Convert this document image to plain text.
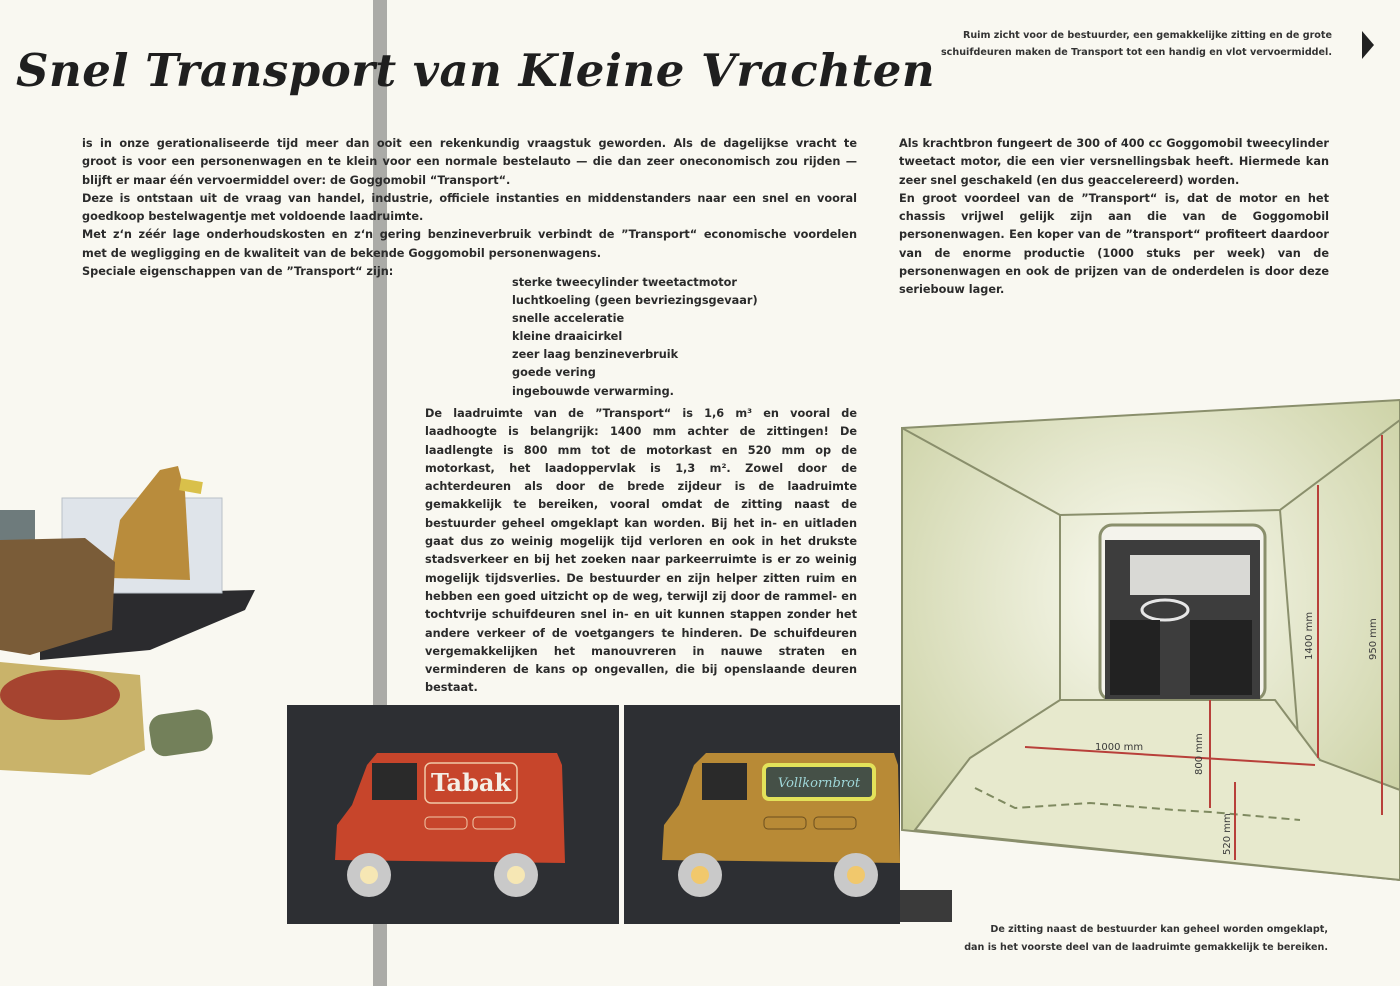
Snel Transport van Kleine Vrachten
Ruim zicht voor de bestuurder, een gemakkelijke zitting en de grote
schuifdeuren maken de Transport tot een handig en vlot vervoermiddel.
is in onze gerationaliseerde tijd meer dan ooit een rekenkundig vraagstuk geworden. Als de dagelijkse vracht te
groot is voor een personenwagen en te klein voor een normale bestelauto — die dan zeer oneconomisch zou rijden —
blijft er maar één vervoermiddel over: de Goggomobil “Transport“.
Deze is ontstaan uit de vraag van handel, industrie, officiele instanties en middenstanders naar een snel en vooral
goedkoop bestelwagentje met voldoende laadruimte.
Met z‘n zéér lage onderhoudskosten en z‘n gering benzineverbruik verbindt de ”Transport“ economische voordelen
met de wegligging en de kwaliteit van de bekende Goggomobil personenwagens.
Speciale eigenschappen van de ”Transport“ zijn:
sterke tweecylinder tweetactmotor
luchtkoeling (geen bevriezingsgevaar)
snelle acceleratie
kleine draaicirkel
zeer laag benzineverbruik
goede vering
ingebouwde verwarming.
De laadruimte van de ”Transport“ is 1,6 m³ en vooral de laadhoogte is belangrijk: 1400 mm achter de zittingen! De laadlengte is 800 mm tot de motorkast en 520 mm op de motorkast, het laadoppervlak is 1,3 m². Zowel door de achterdeuren als door de brede zijdeur is de laadruimte gemakkelijk te bereiken, vooral omdat de zitting naast de bestuurder geheel omgeklapt kan worden. Bij het in- en uitladen gaat dus zo weinig mogelijk tijd verloren en ook in het drukste stadsverkeer en bij het zoeken naar parkeerruimte is er zo weinig mogelijk tijdsverlies. De bestuurder en zijn helper zitten ruim en hebben een goed uitzicht op de weg, terwijl zij door de rammel- en tochtvrije schuifdeuren snel in- en uit kunnen stappen zonder het andere verkeer of de voetgangers te hinderen. De schuifdeuren vergemakkelijken het manouvreren in nauwe straten en verminderen de kans op ongevallen, die bij openslaande deuren bestaat.
Als krachtbron fungeert de 300 of 400 cc Goggomobil tweecylinder tweetact motor, die een vier versnellingsbak heeft. Hiermede kan zeer snel geschakeld (en dus geaccelereerd) worden.
En groot voordeel van de ”Transport“ is, dat de motor en het chassis vrijwel gelijk zijn aan die van de Goggomobil personenwagen. Een koper van de ”transport“ profiteert daardoor van de enorme productie (1000 stuks per week) van de personenwagen en ook de prijzen van de onderdelen is door deze seriebouw lager.
Tabak	Vollkornbrot
1000 mm	800 mm
520 mm
1400 mm	950 mm
De zitting naast de bestuurder kan geheel worden omgeklapt,
dan is het voorste deel van de laadruimte gemakkelijk te bereiken.
